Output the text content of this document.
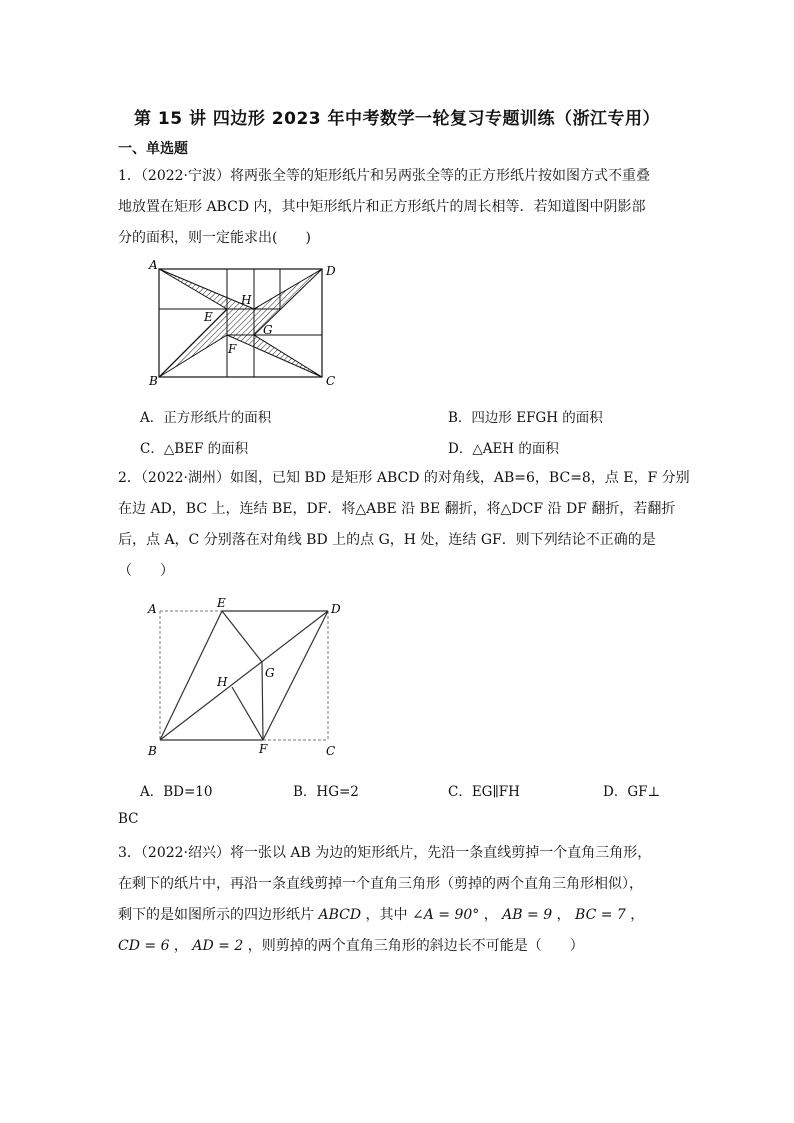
第 15 讲 四边形 2023 年中考数学一轮复习专题训练（浙江专用）
一、单选题
1．（2022·宁波）将两张全等的矩形纸片和另两张全等的正方形纸片按如图方式不重叠
地放置在矩形 ABCD 内，其中矩形纸片和正方形纸片的周长相等．若知道图中阴影部
分的面积，则一定能求出(　　)
A	D
B	C
H
E
G
F
A．正方形纸片的面积	B．四边形 EFGH 的面积
C．△BEF 的面积	D．△AEH 的面积
2．（2022·湖州）如图，已知 BD 是矩形 ABCD 的对角线，AB=6，BC=8，点 E，F 分别
在边 AD，BC 上，连结 BE，DF．将△ABE 沿 BE 翻折，将△DCF 沿 DF 翻折，若翻折
后，点 A，C 分别落在对角线 BD 上的点 G，H 处，连结 GF．则下列结论不正确的是
（　　）
A	E	D
G
H
B	F	C
A．BD=10	B．HG=2	C．EG∥FH	D．GF⊥
BC
3．（2022·绍兴）将一张以 AB 为边的矩形纸片，先沿一条直线剪掉一个直角三角形，
在剩下的纸片中，再沿一条直线剪掉一个直角三角形（剪掉的两个直角三角形相似），
剩下的是如图所示的四边形纸片 ABCD ，其中 ∠A = 90° ， AB = 9 ， BC = 7 ，
CD = 6 ， AD = 2 ，则剪掉的两个直角三角形的斜边长不可能是（　　）
